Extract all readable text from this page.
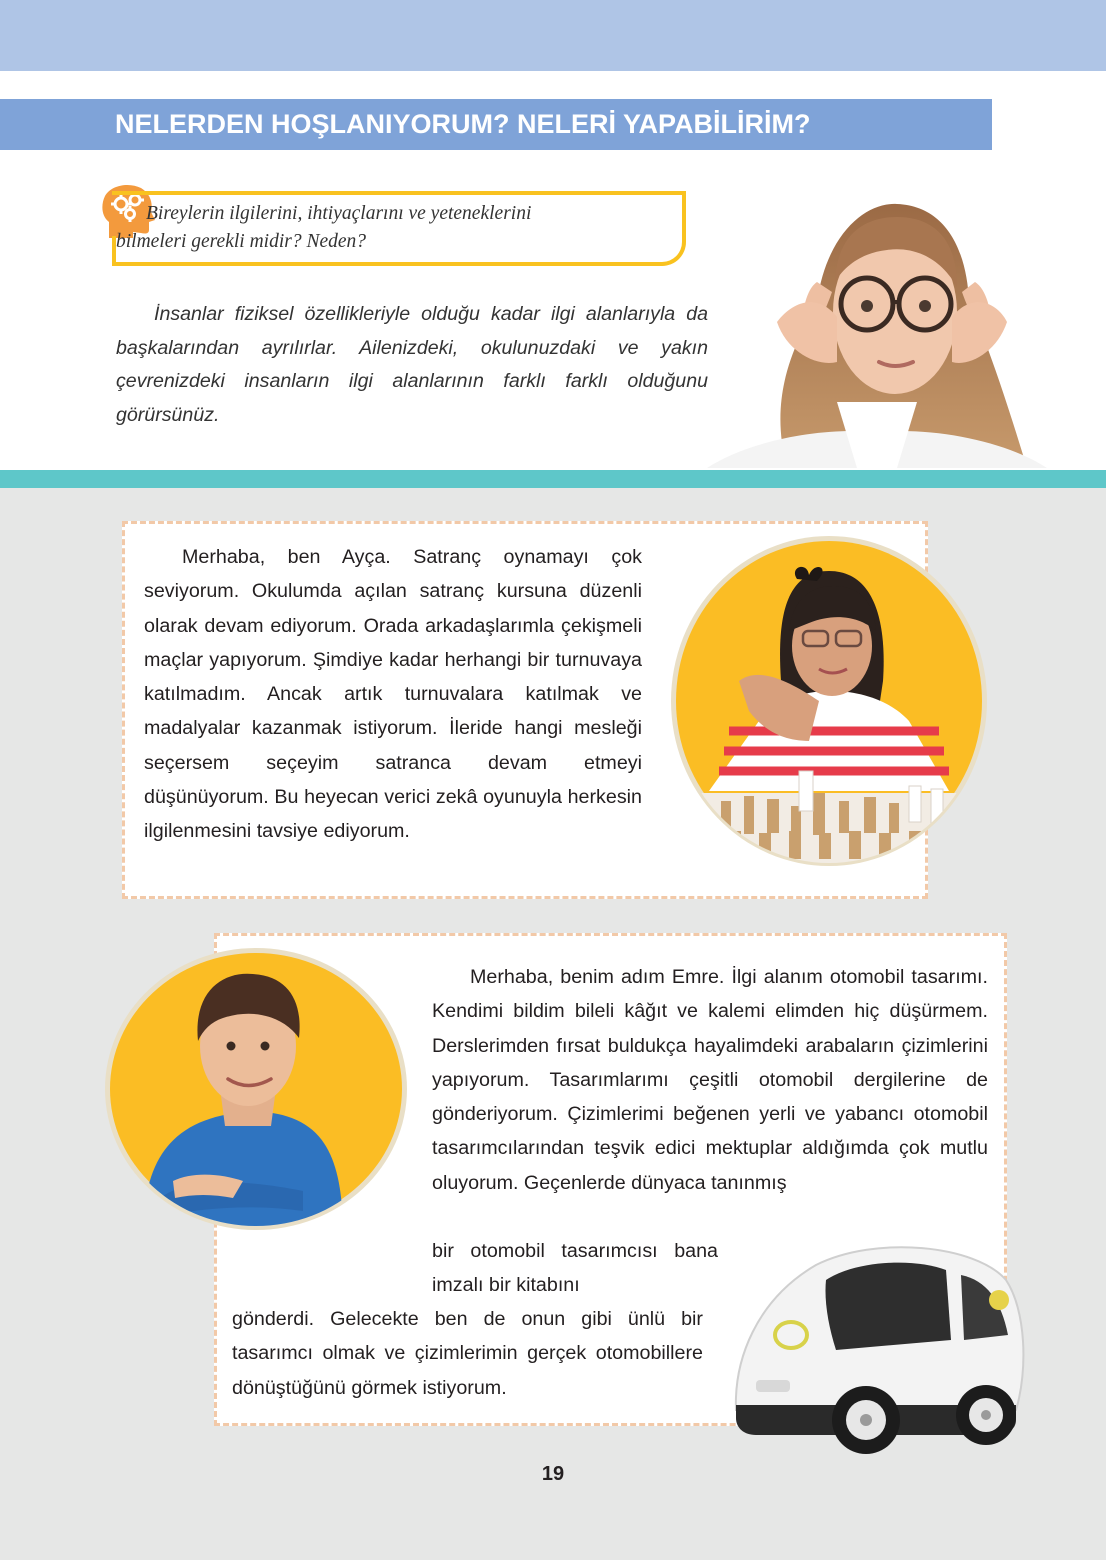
NELERDEN HOŞLANIYORUM? NELERİ YAPABİLİRİM?
Bireylerin ilgilerini, ihtiyaçlarını ve yeteneklerini
bilmeleri gerekli midir? Neden?

İnsanlar fiziksel özellikleriyle olduğu kadar ilgi alanlarıyla da başkalarından ayrılırlar. Ailenizdeki, okulunuzdaki ve yakın çevrenizdeki insanların ilgi alanlarının farklı farklı olduğunu görürsünüz.

Merhaba, ben Ayça. Satranç oynamayı çok seviyorum. Okulumda açılan satranç kursuna düzenli olarak devam ediyorum. Orada arkadaşlarımla çekişmeli maçlar yapıyorum. Şimdiye kadar herhangi bir turnuvaya katılmadım. Ancak artık turnuvalara katılmak ve madalyalar kazanmak istiyorum. İleride hangi mesleği seçersem seçeyim satranca devam etmeyi düşünüyorum. Bu heyecan verici zekâ oyunuyla herkesin ilgilenmesini tavsiye ediyorum.

Merhaba, benim adım Emre. İlgi alanım otomobil tasarımı. Kendimi bildim bileli kâğıt ve kalemi elimden hiç düşürmem. Derslerimden fırsat buldukça hayalimdeki arabaların çizimlerini yapıyorum. Tasarımlarımı çeşitli otomobil dergilerine de gönderiyorum. Çizimlerimi beğenen yerli ve yabancı otomobil tasarımcılarından teşvik edici mektuplar aldığımda çok mutlu oluyorum. Geçenlerde dünyaca tanınmış

bir otomobil tasarımcısı bana imzalı bir kitabını

gönderdi. Gelecekte ben de onun gibi ünlü bir tasarımcı olmak ve çizimlerimin gerçek otomobillere dönüştüğünü görmek istiyorum.

19
